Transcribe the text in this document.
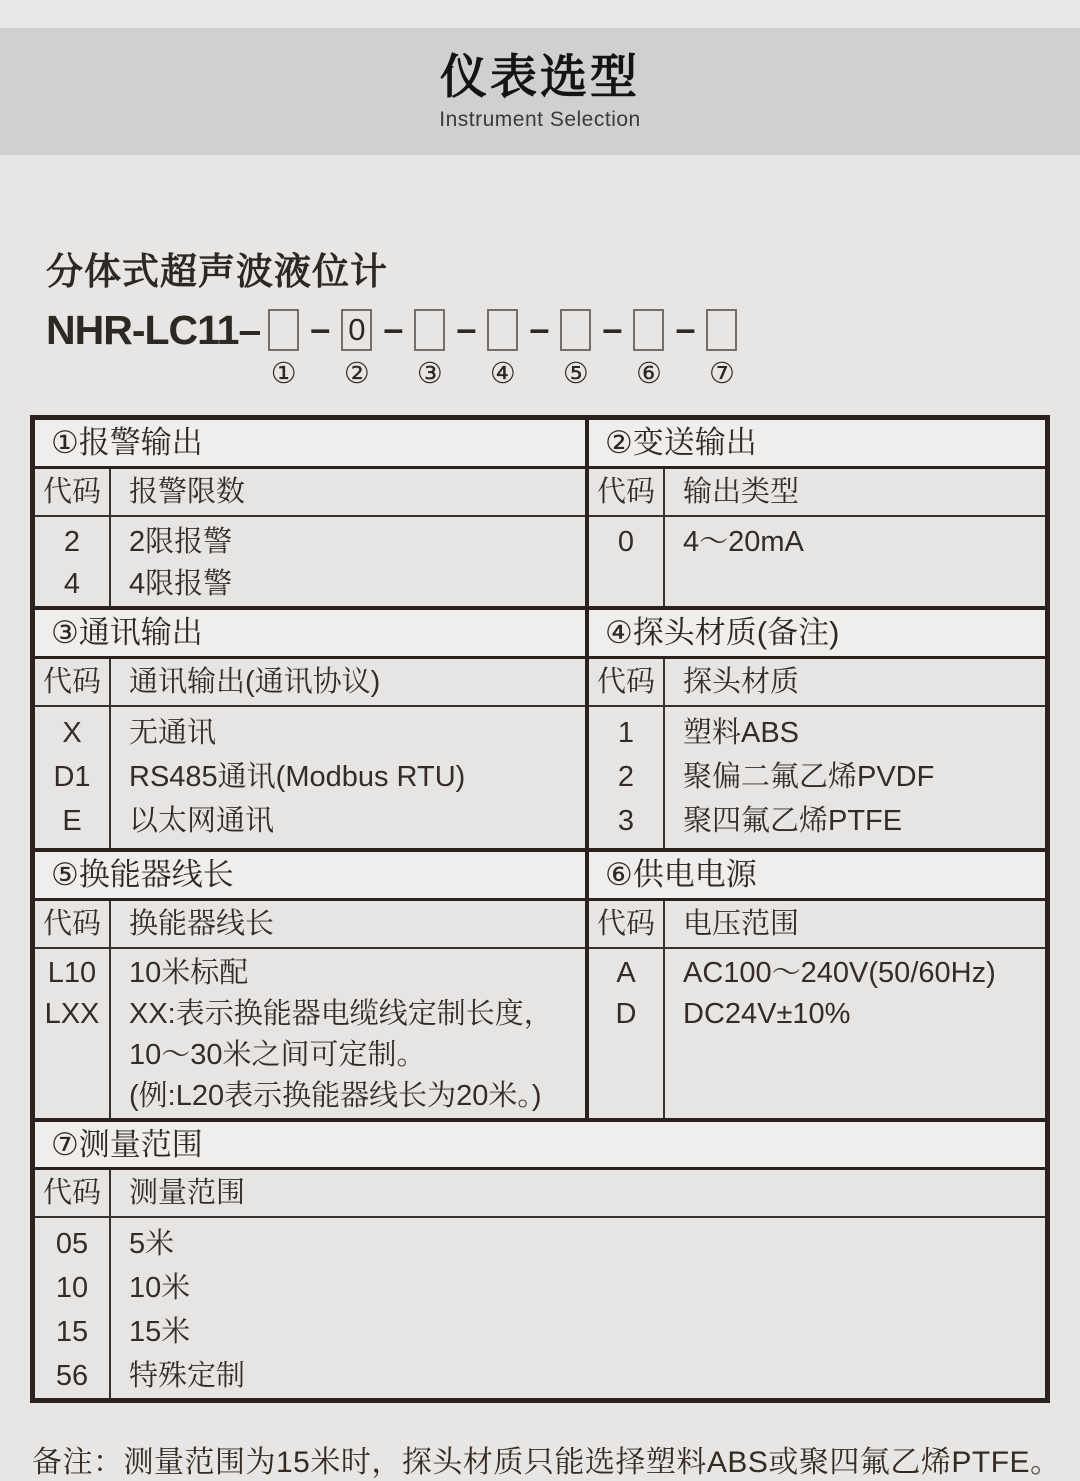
仪表选型
Instrument Selection
分体式超声波液位计
NHR-LC11–
①
– 0
②
–
③
–
④
–
⑤
–
⑥
–
⑦
①报警输出
代码 报警限数
2
4
2限报警
4限报警
②变送输出
代码 输出类型
0 4～20mA
③通讯输出
代码 通讯输出(通讯协议)
X
D1
E
无通讯
RS485通讯(Modbus RTU)
以太网通讯
④探头材质(备注)
代码 探头材质
1
2
3
塑料ABS
聚偏二氟乙烯PVDF
聚四氟乙烯PTFE
⑤换能器线长
代码 换能器线长
L10
LXX
10米标配
XX:表示换能器电缆线定制长度，
10～30米之间可定制。
(例:L20表示换能器线长为20米。)
⑥供电电源
代码 电压范围
A
D
AC100～240V(50/60Hz)
DC24V±10%
⑦测量范围
代码 测量范围
05
10
15
56
5米
10米
15米
特殊定制
备注：测量范围为15米时，探头材质只能选择塑料ABS或聚四氟乙烯PTFE。
